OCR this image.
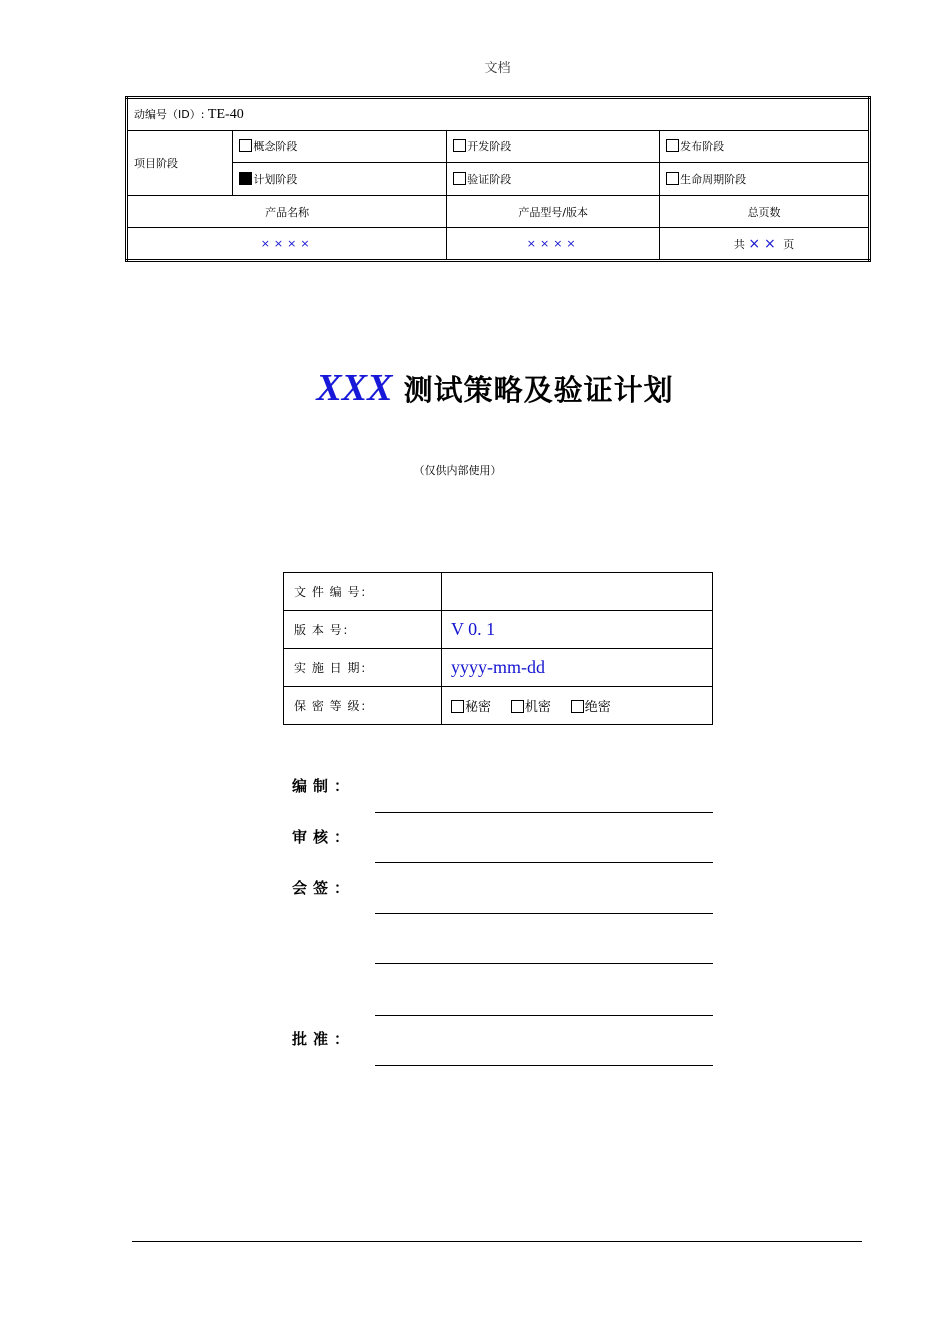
文档
动编号（ID）: TE-40			
项目阶段	概念阶段	开发阶段	发布阶段
	计划阶段	验证阶段	生命周期阶段
产品名称		产品型号/版本	总页数
××××		××××	共 ×× 页
XXX 测试策略及验证计划
（仅供内部使用）
文 件 编 号：	
版 本 号：	V 0. 1
实 施 日 期：	yyyy-mm-dd
保 密 等 级：	秘密 机密 绝密
编制：
审核：
会签：
批准：
